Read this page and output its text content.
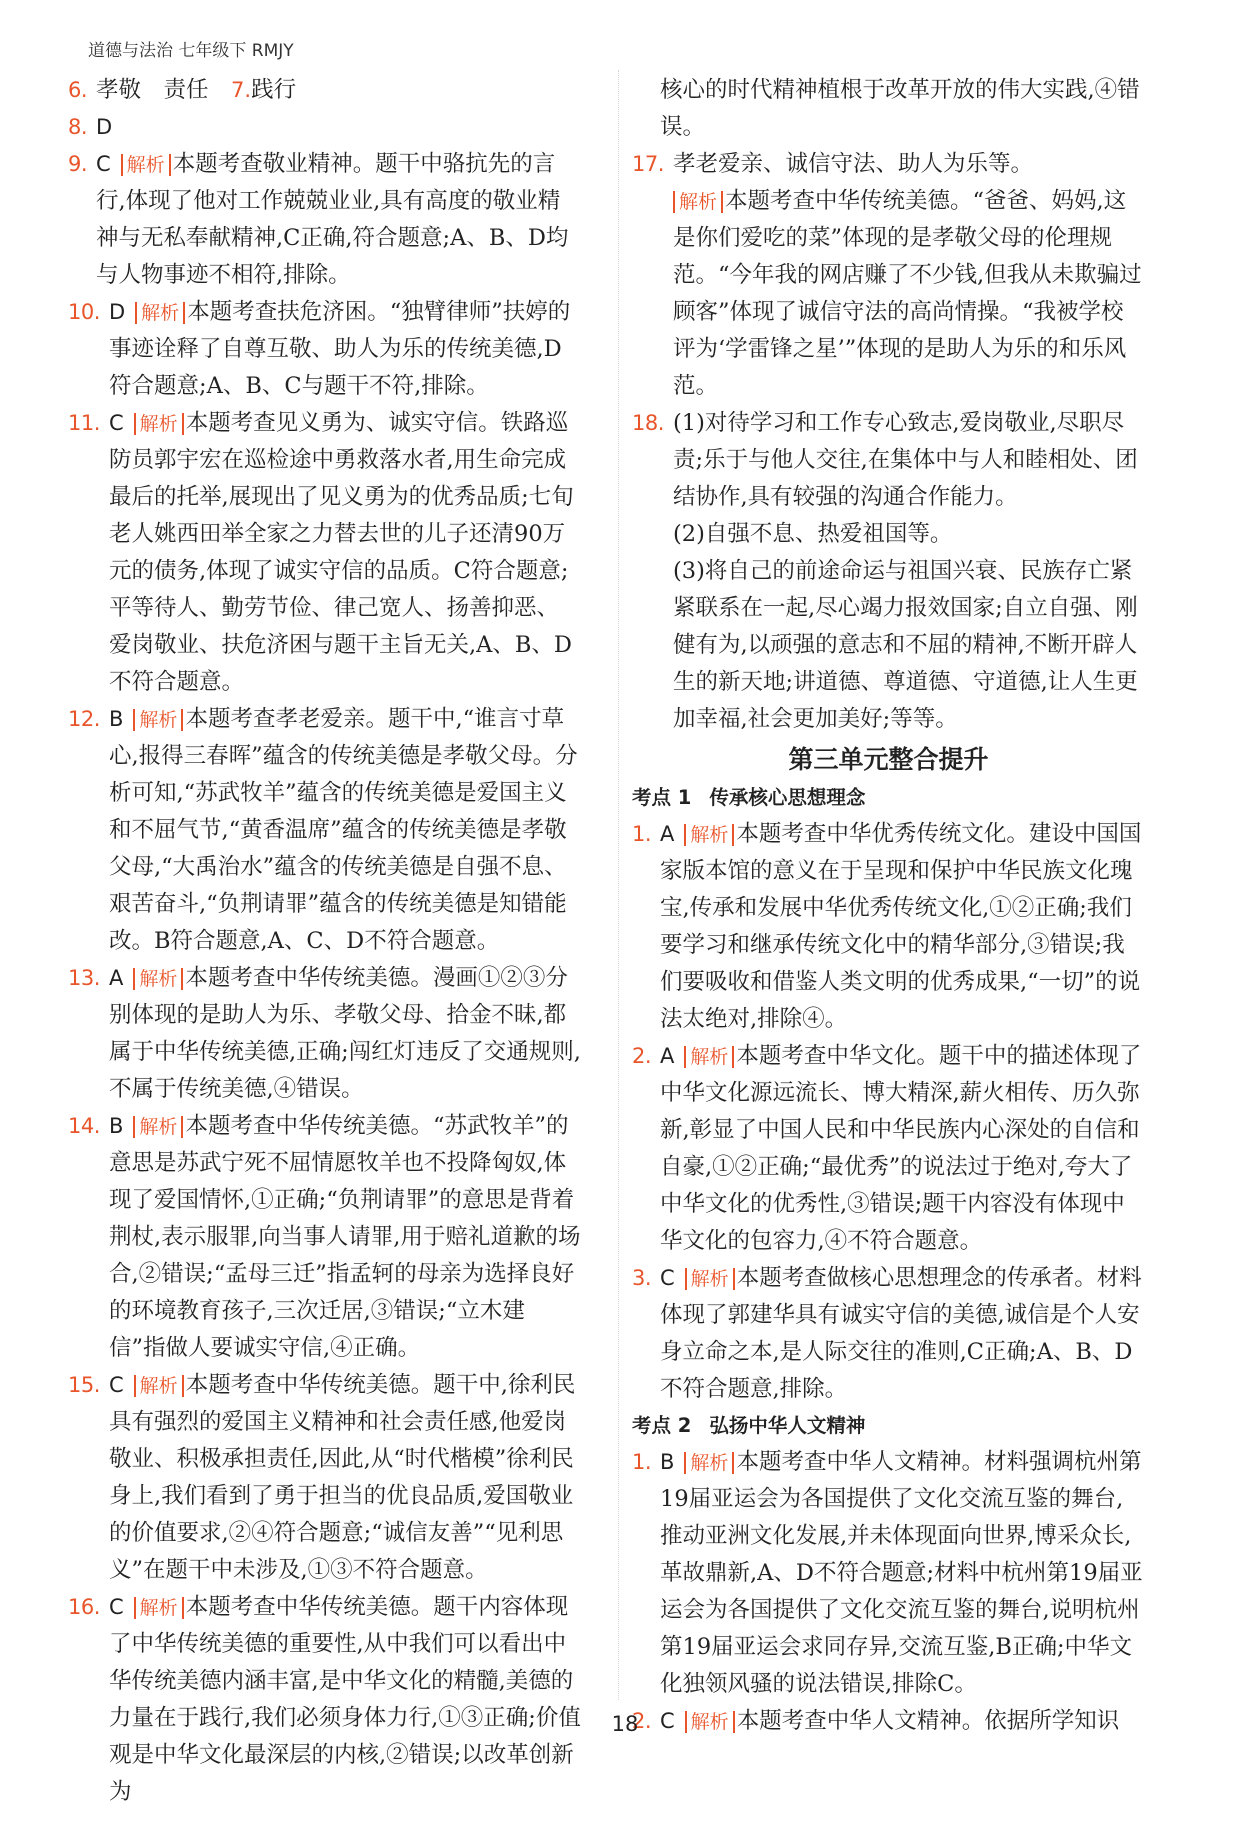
道德与法治 七年级下 RMJY

6. 孝敬　责任　7.践行

8. D

9. C 解析 本题考查敬业精神。题干中骆抗先的言行,体现了他对工作兢兢业业,具有高度的敬业精神与无私奉献精神,C正确,符合题意;A、B、D均与人物事迹不相符,排除。

10. D 解析 本题考查扶危济困。“独臂律师”扶婷的事迹诠释了自尊互敬、助人为乐的传统美德,D符合题意;A、B、C与题干不符,排除。

11. C 解析 本题考查见义勇为、诚实守信。铁路巡防员郭宇宏在巡检途中勇救落水者,用生命完成最后的托举,展现出了见义勇为的优秀品质;七旬老人姚西田举全家之力替去世的儿子还清90万元的债务,体现了诚实守信的品质。C符合题意;平等待人、勤劳节俭、律己宽人、扬善抑恶、爱岗敬业、扶危济困与题干主旨无关,A、B、D不符合题意。

12. B 解析 本题考查孝老爱亲。题干中,“谁言寸草心,报得三春晖”蕴含的传统美德是孝敬父母。分析可知,“苏武牧羊”蕴含的传统美德是爱国主义和不屈气节,“黄香温席”蕴含的传统美德是孝敬父母,“大禹治水”蕴含的传统美德是自强不息、艰苦奋斗,“负荆请罪”蕴含的传统美德是知错能改。B符合题意,A、C、D不符合题意。

13. A 解析 本题考查中华传统美德。漫画①②③分别体现的是助人为乐、孝敬父母、拾金不昧,都属于中华传统美德,正确;闯红灯违反了交通规则,不属于传统美德,④错误。

14. B 解析 本题考查中华传统美德。“苏武牧羊”的意思是苏武宁死不屈情愿牧羊也不投降匈奴,体现了爱国情怀,①正确;“负荆请罪”的意思是背着荆杖,表示服罪,向当事人请罪,用于赔礼道歉的场合,②错误;“孟母三迁”指孟轲的母亲为选择良好的环境教育孩子,三次迁居,③错误;“立木建信”指做人要诚实守信,④正确。

15. C 解析 本题考查中华传统美德。题干中,徐利民具有强烈的爱国主义精神和社会责任感,他爱岗敬业、积极承担责任,因此,从“时代楷模”徐利民身上,我们看到了勇于担当的优良品质,爱国敬业的价值要求,②④符合题意;“诚信友善”“见利思义”在题干中未涉及,①③不符合题意。

16. C 解析 本题考查中华传统美德。题干内容体现了中华传统美德的重要性,从中我们可以看出中华传统美德内涵丰富,是中华文化的精髓,美德的力量在于践行,我们必须身体力行,①③正确;价值观是中华文化最深层的内核,②错误;以改革创新为

核心的时代精神植根于改革开放的伟大实践,④错误。

17. 孝老爱亲、诚信守法、助人为乐等。

解析 本题考查中华传统美德。“爸爸、妈妈,这是你们爱吃的菜”体现的是孝敬父母的伦理规范。“今年我的网店赚了不少钱,但我从未欺骗过顾客”体现了诚信守法的高尚情操。“我被学校评为‘学雷锋之星’”体现的是助人为乐的和乐风范。

18. (1)对待学习和工作专心致志,爱岗敬业,尽职尽责;乐于与他人交往,在集体中与人和睦相处、团结协作,具有较强的沟通合作能力。

(2)自强不息、热爱祖国等。

(3)将自己的前途命运与祖国兴衰、民族存亡紧紧联系在一起,尽心竭力报效国家;自立自强、刚健有为,以顽强的意志和不屈的精神,不断开辟人生的新天地;讲道德、尊道德、守道德,让人生更加幸福,社会更加美好;等等。

第三单元整合提升

考点 1 传承核心思想理念

1. A 解析 本题考查中华优秀传统文化。建设中国国家版本馆的意义在于呈现和保护中华民族文化瑰宝,传承和发展中华优秀传统文化,①②正确;我们要学习和继承传统文化中的精华部分,③错误;我们要吸收和借鉴人类文明的优秀成果,“一切”的说法太绝对,排除④。

2. A 解析 本题考查中华文化。题干中的描述体现了中华文化源远流长、博大精深,薪火相传、历久弥新,彰显了中国人民和中华民族内心深处的自信和自豪,①②正确;“最优秀”的说法过于绝对,夸大了中华文化的优秀性,③错误;题干内容没有体现中华文化的包容力,④不符合题意。

3. C 解析 本题考查做核心思想理念的传承者。材料体现了郭建华具有诚实守信的美德,诚信是个人安身立命之本,是人际交往的准则,C正确;A、B、D不符合题意,排除。

考点 2 弘扬中华人文精神

1. B 解析 本题考查中华人文精神。材料强调杭州第19届亚运会为各国提供了文化交流互鉴的舞台,推动亚洲文化发展,并未体现面向世界,博采众长,革故鼎新,A、D不符合题意;材料中杭州第19届亚运会为各国提供了文化交流互鉴的舞台,说明杭州第19届亚运会求同存异,交流互鉴,B正确;中华文化独领风骚的说法错误,排除C。

2. C 解析 本题考查中华人文精神。依据所学知识

18
